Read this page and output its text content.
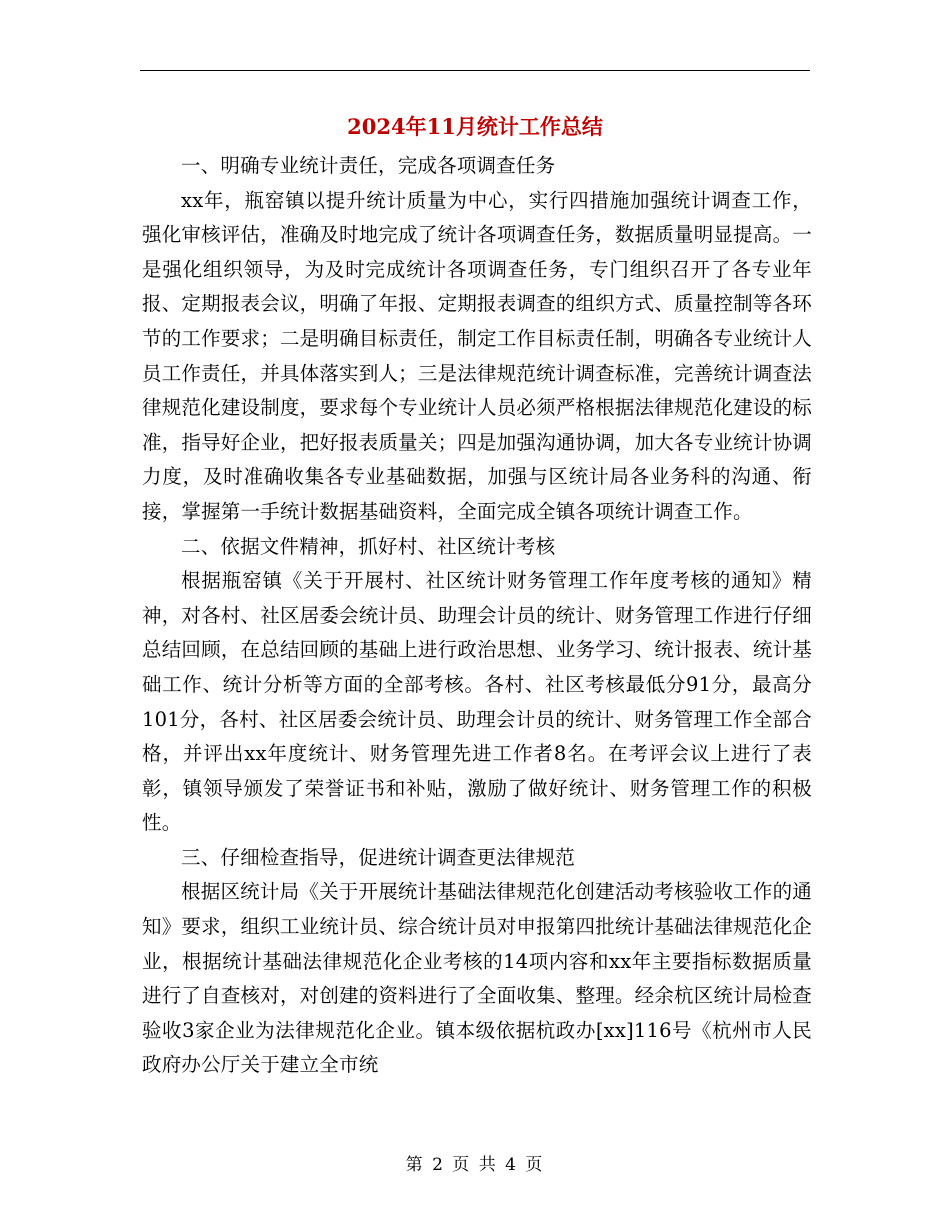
2024年11月统计工作总结

一、明确专业统计责任，完成各项调查任务

xx年，瓶窑镇以提升统计质量为中心，实行四措施加强统计调查工作，强化审核评估，准确及时地完成了统计各项调查任务，数据质量明显提高。一是强化组织领导，为及时完成统计各项调查任务，专门组织召开了各专业年报、定期报表会议，明确了年报、定期报表调查的组织方式、质量控制等各环节的工作要求；二是明确目标责任，制定工作目标责任制，明确各专业统计人员工作责任，并具体落实到人；三是法律规范统计调查标准，完善统计调查法律规范化建设制度，要求每个专业统计人员必须严格根据法律规范化建设的标准，指导好企业，把好报表质量关；四是加强沟通协调，加大各专业统计协调力度，及时准确收集各专业基础数据，加强与区统计局各业务科的沟通、衔接，掌握第一手统计数据基础资料，全面完成全镇各项统计调查工作。

二、依据文件精神，抓好村、社区统计考核

根据瓶窑镇《关于开展村、社区统计财务管理工作年度考核的通知》精神，对各村、社区居委会统计员、助理会计员的统计、财务管理工作进行仔细总结回顾，在总结回顾的基础上进行政治思想、业务学习、统计报表、统计基础工作、统计分析等方面的全部考核。各村、社区考核最低分91分，最高分101分，各村、社区居委会统计员、助理会计员的统计、财务管理工作全部合格，并评出xx年度统计、财务管理先进工作者8名。在考评会议上进行了表彰，镇领导颁发了荣誉证书和补贴，激励了做好统计、财务管理工作的积极性。

三、仔细检查指导，促进统计调查更法律规范

根据区统计局《关于开展统计基础法律规范化创建活动考核验收工作的通知》要求，组织工业统计员、综合统计员对申报第四批统计基础法律规范化企业，根据统计基础法律规范化企业考核的14项内容和xx年主要指标数据质量进行了自查核对，对创建的资料进行了全面收集、整理。经余杭区统计局检查验收3家企业为法律规范化企业。镇本级依据杭政办[xx]116号《杭州市人民政府办公厅关于建立全市统

第 2 页 共 4 页
